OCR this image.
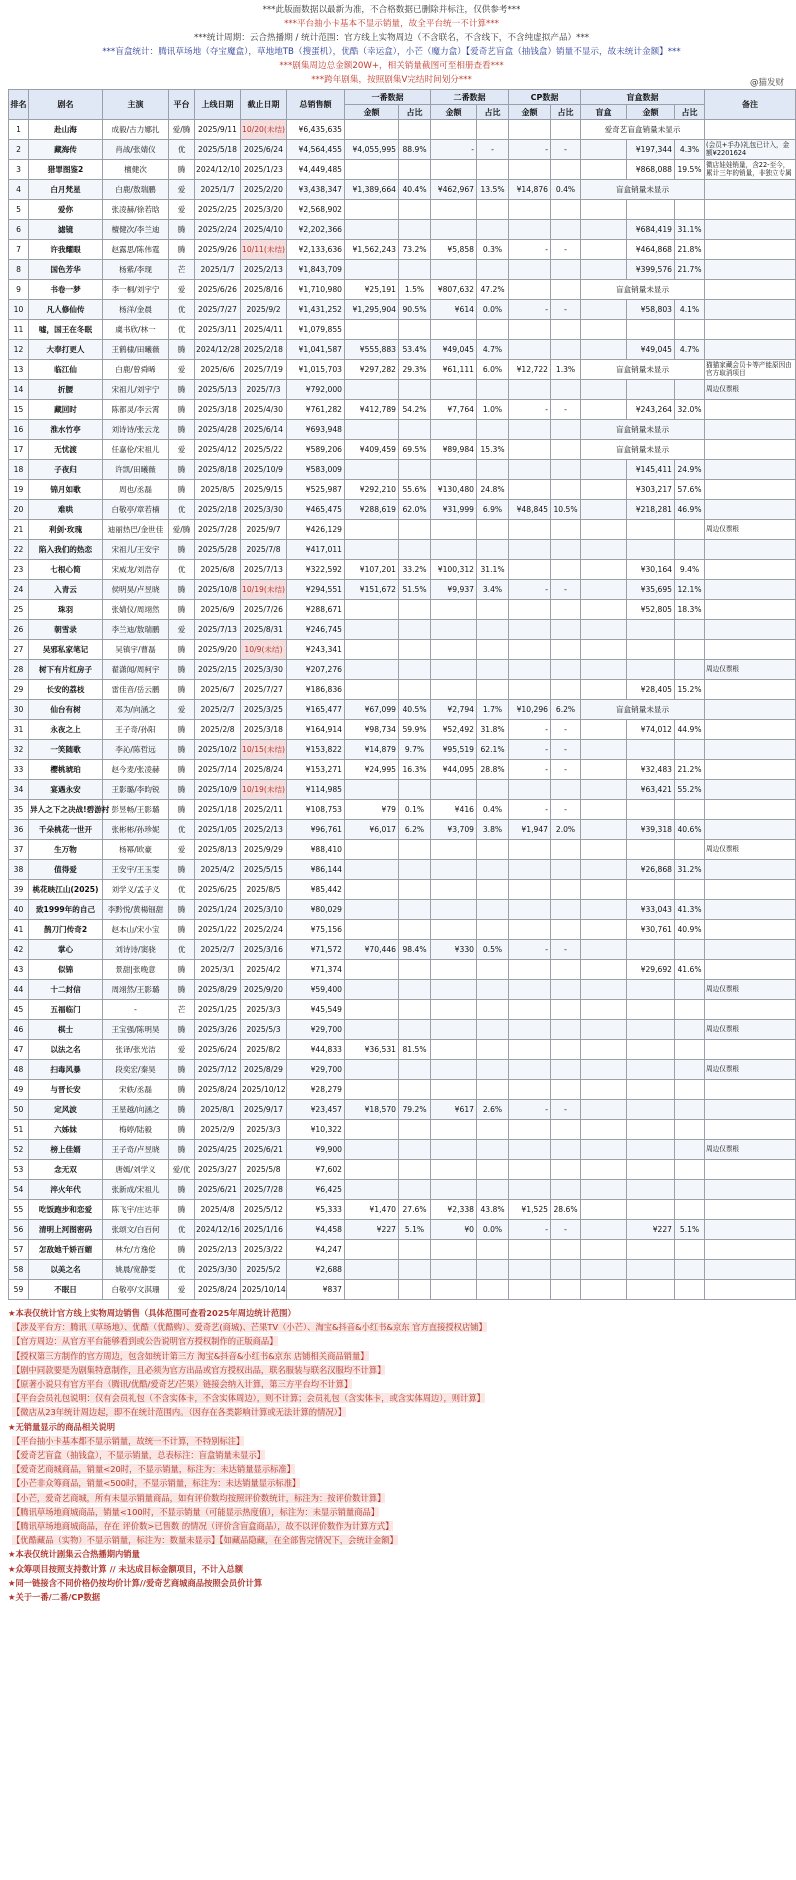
***此版面数据以最新为准，不合格数据已删除并标注，仅供参考***
***平台抽小卡基本不显示销量，故全平台统一不计算***
***统计周期：云合热播期 / 统计范围：官方线上实物周边（不含联名，不含线下，不含纯虚拟产品）***
***盲盒统计：腾讯草场地（夺宝魔盒），草地地TB（搜蛋机），优酷（幸运盒），小芒（魔力盒）【爱奇艺盲盒（抽钱盒）销量不显示，故未统计金额】***
***剧集周边总金额20W+，相关销量截图可至相册查看***
***跨年剧集，按照剧集V完结时间划分***	@猫发财
排名	剧名	主演	平台	上线日期	截止日期	总销售额	一番数据		二番数据		CP数据		盲盒数据			备注
							金额	占比	金额	占比	金额	占比	盲盒	金额	占比	
1	赴山海	成毅/古力娜扎	爱/腾	2025/9/11	10/20(未结)	¥6,435,635							爱奇艺盲盒销量未显示			
2	藏海传	肖战/张婧仪	优	2025/5/18	2025/6/24	¥4,564,455	¥4,055,995	88.9%	-	-	-	-		¥197,344	4.3%	(会员+手办)礼包已计入，金额¥2201624
3	猎罪图鉴2	檀健次	腾	2024/12/10	2025/1/23	¥4,449,485								¥868,088	19.5%	微店娃娃销量，含22-至今，累计三年的销量，非独立专属
4	白月梵星	白鹿/敖瑞鹏	爱	2025/1/7	2025/2/20	¥3,438,347	¥1,389,664	40.4%	¥462,967	13.5%	¥14,876	0.4%	盲盒销量未显示			
5	爱你	张凌赫/徐若晗	爱	2025/2/25	2025/3/20	¥2,568,902										
6	滤镜	檀健次/李兰迪	腾	2025/2/24	2025/4/10	¥2,202,366								¥684,419	31.1%	
7	许我耀眼	赵露思/陈伟霆	腾	2025/9/26	10/11(未结)	¥2,133,636	¥1,562,243	73.2%	¥5,858	0.3%	-	-		¥464,868	21.8%	
8	国色芳华	杨紫/李现	芒	2025/1/7	2025/2/13	¥1,843,709								¥399,576	21.7%	
9	书卷一梦	李一桐/刘宇宁	爱	2025/6/26	2025/8/16	¥1,710,980	¥25,191	1.5%	¥807,632	47.2%			盲盒销量未显示			
10	凡人修仙传	杨洋/金晨	优	2025/7/27	2025/9/2	¥1,431,252	¥1,295,904	90.5%	¥614	0.0%	-	-		¥58,803	4.1%	
11	嘘，国王在冬眠	虞书欣/林一	优	2025/3/11	2025/4/11	¥1,079,855										
12	大奉打更人	王鹤棣/田曦薇	腾	2024/12/28	2025/2/18	¥1,041,587	¥555,883	53.4%	¥49,045	4.7%				¥49,045	4.7%	
13	临江仙	白鹿/曾舜晞	爱	2025/6/6	2025/7/19	¥1,015,703	¥297,282	29.3%	¥61,111	6.0%	¥12,722	1.3%	盲盒销量未显示			猫猫家藏会员卡等产能原因由官方取消项目
14	折腰	宋祖儿/刘宇宁	腾	2025/5/13	2025/7/3	¥792,000										周边仅票根
15	藏回时	陈都灵/李云霄	腾	2025/3/18	2025/4/30	¥761,282	¥412,789	54.2%	¥7,764	1.0%	-	-		¥243,264	32.0%	
16	淮水竹亭	刘诗诗/张云龙	腾	2025/4/28	2025/6/14	¥693,948							盲盒销量未显示			
17	无忧渡	任嘉伦/宋祖儿	爱	2025/4/12	2025/5/22	¥589,206	¥409,459	69.5%	¥89,984	15.3%			盲盒销量未显示			
18	子夜归	许凯/田曦薇	腾	2025/8/18	2025/10/9	¥583,009								¥145,411	24.9%	
19	锦月如歌	周也/丞磊	腾	2025/8/5	2025/9/15	¥525,987	¥292,210	55.6%	¥130,480	24.8%				¥303,217	57.6%	
20	难哄	白敬亭/章若楠	优	2025/2/18	2025/3/30	¥465,475	¥288,619	62.0%	¥31,999	6.9%	¥48,845	10.5%		¥218,281	46.9%	
21	利剑·玫瑰	迪丽热巴/金世佳	爱/腾	2025/7/28	2025/9/7	¥426,129										周边仅票根
22	陷入我们的热恋	宋祖儿/王安宇	腾	2025/5/28	2025/7/8	¥417,011										
23	七根心简	宋威龙/刘浩存	优	2025/6/8	2025/7/13	¥322,592	¥107,201	33.2%	¥100,312	31.1%				¥30,164	9.4%	
24	入青云	侯明昊/卢昱晓	腾	2025/10/8	10/19(未结)	¥294,551	¥151,672	51.5%	¥9,937	3.4%	-	-		¥35,695	12.1%	
25	珠羽	张婧仪/周翊然	腾	2025/6/9	2025/7/26	¥288,671								¥52,805	18.3%	
26	朝雪录	李兰迪/敖瑞鹏	爱	2025/7/13	2025/8/31	¥246,745										
27	吴邪私家笔记	吴镇宇/曹磊	腾	2025/9/20	10/9(未结)	¥243,341										
28	树下有片红房子	翟潇闻/周柯宇	腾	2025/2/15	2025/3/30	¥207,276										周边仅票根
29	长安的荔枝	雷佳音/岳云鹏	腾	2025/6/7	2025/7/27	¥186,836								¥28,405	15.2%	
30	仙台有树	邓为/向涵之	爱	2025/2/7	2025/3/25	¥165,477	¥67,099	40.5%	¥2,794	1.7%	¥10,296	6.2%	盲盒销量未显示			
31	永夜之上	王子奇/孙阳	腾	2025/2/8	2025/3/18	¥164,914	¥98,734	59.9%	¥52,492	31.8%	-	-		¥74,012	44.9%	
32	一笑随歌	李沁/陈哲远	腾	2025/10/2	10/15(未结)	¥153,822	¥14,879	9.7%	¥95,519	62.1%	-	-				
33	樱桃琥珀	赵今麦/张凌赫	腾	2025/7/14	2025/8/24	¥153,271	¥24,995	16.3%	¥44,095	28.8%	-	-		¥32,483	21.2%	
34	宴遇永安	王影璐/李昀锐	腾	2025/10/9	10/19(未结)	¥114,985								¥63,421	55.2%	
35	异人之下之决战!碧游村	彭昱畅/王影璐	腾	2025/1/18	2025/2/11	¥108,753	¥79	0.1%	¥416	0.4%	-	-				
36	千朵桃花一世开	张彬彬/孙珍妮	优	2025/1/05	2025/2/13	¥96,761	¥6,017	6.2%	¥3,709	3.8%	¥1,947	2.0%		¥39,318	40.6%	
37	生万物	杨幂/欧豪	爱	2025/8/13	2025/9/29	¥88,410										周边仅票根
38	值得爱	王安宇/王玉雯	腾	2025/4/2	2025/5/15	¥86,144								¥26,868	31.2%	
39	桃花映江山(2025)	刘学义/孟子义	优	2025/6/25	2025/8/5	¥85,442										
40	致1999年的自己	李黔悦/黄楊钿甜	腾	2025/1/24	2025/3/10	¥80,029								¥33,043	41.3%	
41	鹊刀门传奇2	赵本山/宋小宝	腾	2025/1/22	2025/2/24	¥75,156								¥30,761	40.9%	
42	掌心	刘诗诗/窦骁	优	2025/2/7	2025/3/16	¥71,572	¥70,446	98.4%	¥330	0.5%	-	-				
43	似锦	景甜|张晚意	腾	2025/3/1	2025/4/2	¥71,374								¥29,692	41.6%	
44	十二封信	周翊然/王影璐	腾	2025/8/29	2025/9/20	¥59,400										周边仅票根
45	五福临门	-	芒	2025/1/25	2025/3/3	¥45,549										
46	棋士	王宝强/陈明昊	腾	2025/3/26	2025/5/3	¥29,700										周边仅票根
47	以法之名	张译/张光洁	爱	2025/6/24	2025/8/2	¥44,833	¥36,531	81.5%								
48	扫毒风暴	段奕宏/秦昊	腾	2025/7/12	2025/8/29	¥29,700										周边仅票根
49	与晋长安	宋轶/丞磊	腾	2025/8/24	2025/10/12	¥28,279										
50	定风波	王星越/向涵之	腾	2025/8/1	2025/9/17	¥23,457	¥18,570	79.2%	¥617	2.6%	-	-				
51	六姊妹	梅婷/陆毅	腾	2025/2/9	2025/3/3	¥10,322										
52	榜上佳婿	王子奇/卢昱晓	腾	2025/4/25	2025/6/21	¥9,900										周边仅票根
53	念无双	唐嫣/刘学义	爱/优	2025/3/27	2025/5/8	¥7,602										
54	淬火年代	张新成/宋祖儿	腾	2025/6/21	2025/7/28	¥6,425										
55	吃饭跑步和恋爱	陈飞宇/庄达菲	腾	2025/4/8	2025/5/12	¥5,333	¥1,470	27.6%	¥2,338	43.8%	¥1,525	28.6%				
56	清明上河图密码	张颂文/白百何	优	2024/12/16	2025/1/16	¥4,458	¥227	5.1%	¥0	0.0%	-	-		¥227	5.1%	
57	怎敌她千娇百媚	林允/方逸伦	腾	2025/2/13	2025/3/22	¥4,247										
58	以美之名	姚晨/宽静雯	优	2025/3/30	2025/5/2	¥2,688										
59	不眠日	白敬亭/文淇珊	爱	2025/8/24	2025/10/14	¥837										
★本表仅统计官方线上实物周边销售（具体范围可查看2025年周边统计范围）
【涉及平台方：腾讯（草场地）、优酷（优酷购）、爱奇艺(商城)、芒果TV（小芒）、淘宝&抖音&小红书&京东 官方直接授权店铺】
【官方周边：从官方平台能够看到或公告说明官方授权制作的正版商品】
【授权第三方制作的官方周边，包含如统计第三方 淘宝&抖音&小红书&京东 店铺相关商品销量】
【剧中同款要是为剧集特意制作，且必须为官方出品或官方授权出品，联名服装与联名汉服均不计算】
【原著小说只有官方平台（腾讯/优酷/爱奇艺/芒果）链接会纳入计算，第三方平台均不计算】
【平台会员礼包说明：仅有会员礼包（不含实体卡，不含实体周边），则不计算；会员礼包（含实体卡，或含实体周边），则计算】
【微店从23年统计周边起，即不在统计范围内。（因存在各类影响计算或无法计算的情况）】
★无销量显示的商品相关说明
【平台抽小卡基本都不显示销量，故统一不计算，不特别标注】
【爱奇艺盲盒（抽钱盒），不显示销量，总表标注：盲盒销量未显示】
【爱奇艺商城商品，销量<20时，不显示销量，标注为：未达销量显示标准】
【小芒非众筹商品，销量<500时，不显示销量，标注为：未达销量显示标准】
【小芒，爱奇艺商城，所有未显示销量商品，如有评价数均按照评价数统计，标注为：按评价数计算】
【腾讯草场地商城商品，销量<100时，不显示销量（可能显示热度值），标注为：未显示销量商品】
【腾讯草场地商城商品，存在 评价数>已售数 的情况（评价含盲盒商品），故不以评价数作为计算方式】
【优酷藏品（实物）不显示销量，标注为：数量未显示】【如藏品隐藏，在全部售完情况下，会统计金额】
★本表仅统计剧集云合热播期内销量
★众筹项目按照支持数计算 // 未达成目标金额项目，不计入总额
★同一链接含不同价格仍按均价计算//爱奇艺商城商品按照会员价计算
★关于一番/二番/CP数据
